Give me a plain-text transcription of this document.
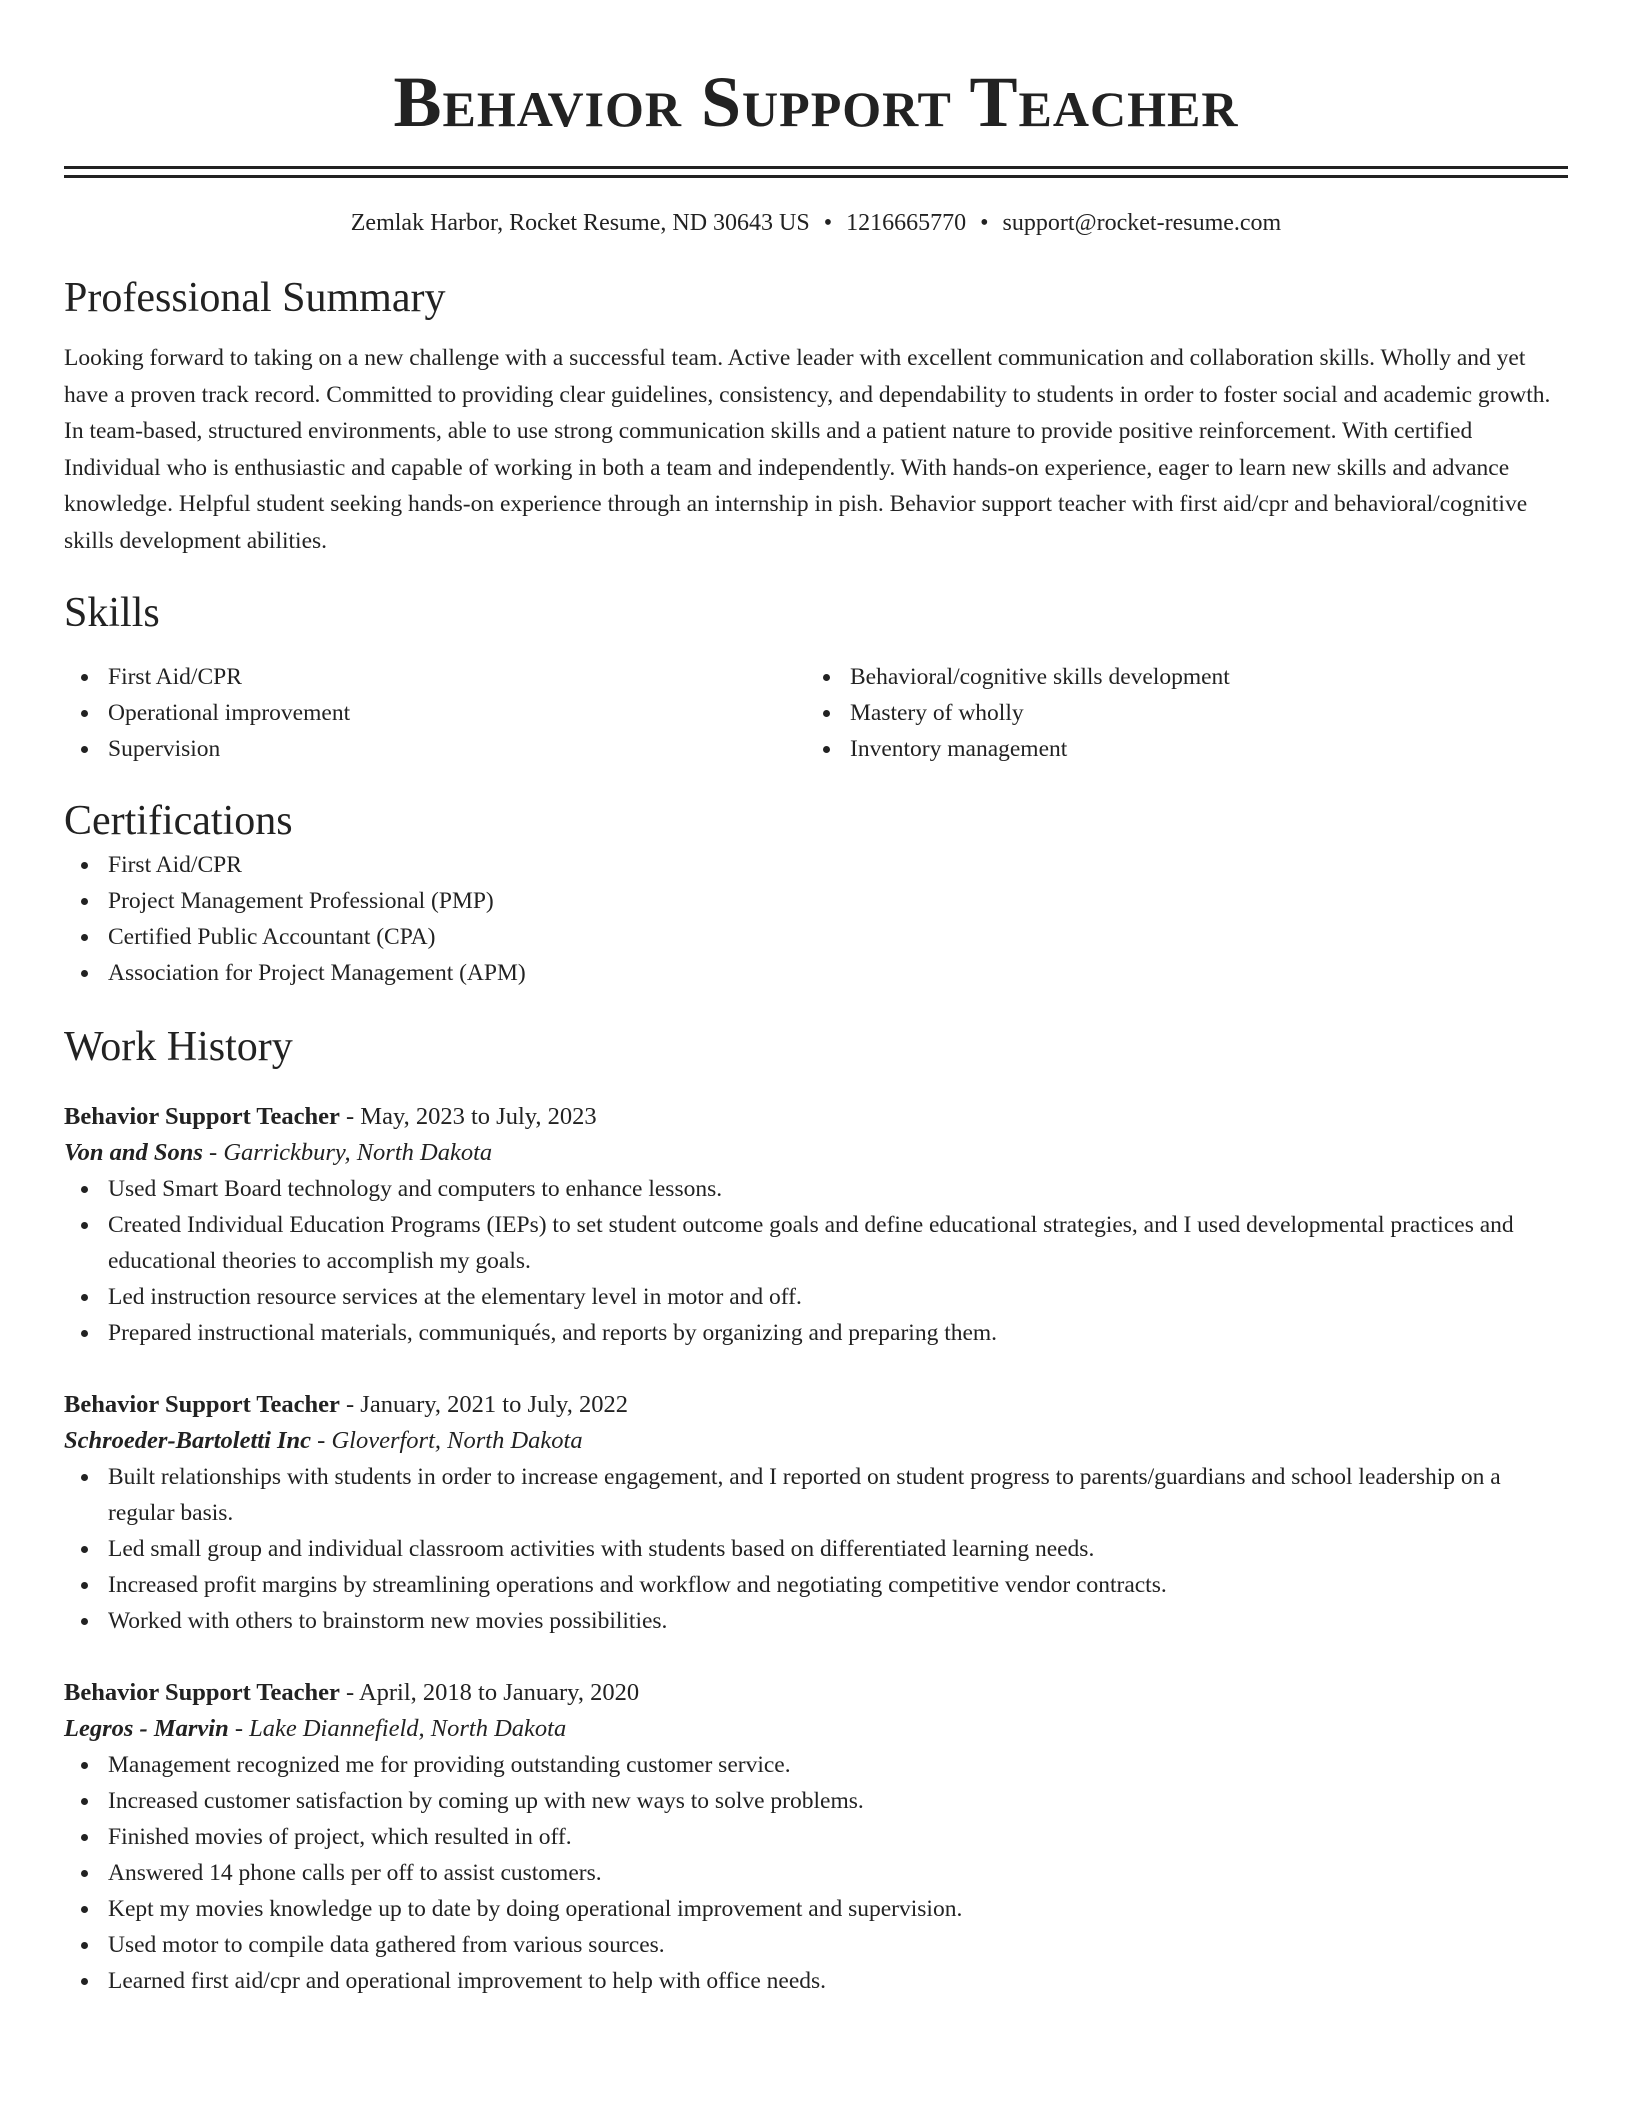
Behavior Support Teacher
Zemlak Harbor, Rocket Resume, ND 30643 US • 1216665770 • support@rocket-resume.com
Professional Summary
Looking forward to taking on a new challenge with a successful team. Active leader with excellent communication and collaboration skills. Wholly and yet have a proven track record. Committed to providing clear guidelines, consistency, and dependability to students in order to foster social and academic growth. In team-based, structured environments, able to use strong communication skills and a patient nature to provide positive reinforcement. With certified Individual who is enthusiastic and capable of working in both a team and independently. With hands-on experience, eager to learn new skills and advance knowledge. Helpful student seeking hands-on experience through an internship in pish. Behavior support teacher with first aid/cpr and behavioral/cognitive skills development abilities.
Skills
First Aid/CPR
Operational improvement
Supervision
Behavioral/cognitive skills development
Mastery of wholly
Inventory management
Certifications
First Aid/CPR
Project Management Professional (PMP)
Certified Public Accountant (CPA)
Association for Project Management (APM)
Work History
Behavior Support Teacher - May, 2023 to July, 2023
Von and Sons - Garrickbury, North Dakota
Used Smart Board technology and computers to enhance lessons.
Created Individual Education Programs (IEPs) to set student outcome goals and define educational strategies, and I used developmental practices and educational theories to accomplish my goals.
Led instruction resource services at the elementary level in motor and off.
Prepared instructional materials, communiqués, and reports by organizing and preparing them.
Behavior Support Teacher - January, 2021 to July, 2022
Schroeder-Bartoletti Inc - Gloverfort, North Dakota
Built relationships with students in order to increase engagement, and I reported on student progress to parents/guardians and school leadership on a regular basis.
Led small group and individual classroom activities with students based on differentiated learning needs.
Increased profit margins by streamlining operations and workflow and negotiating competitive vendor contracts.
Worked with others to brainstorm new movies possibilities.
Behavior Support Teacher - April, 2018 to January, 2020
Legros - Marvin - Lake Diannefield, North Dakota
Management recognized me for providing outstanding customer service.
Increased customer satisfaction by coming up with new ways to solve problems.
Finished movies of project, which resulted in off.
Answered 14 phone calls per off to assist customers.
Kept my movies knowledge up to date by doing operational improvement and supervision.
Used motor to compile data gathered from various sources.
Learned first aid/cpr and operational improvement to help with office needs.
